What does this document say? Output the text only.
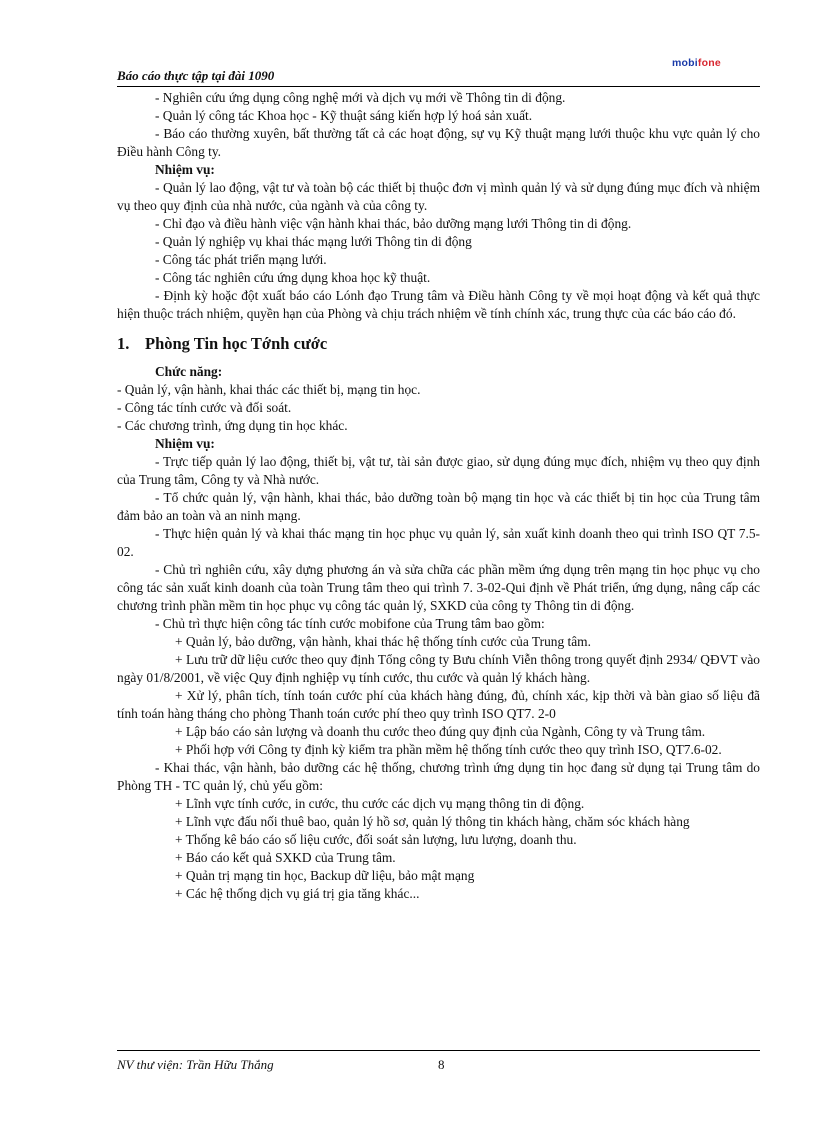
Báo cáo thực tập tại đài 1090
mobifone

- Nghiên cứu ứng dụng công nghệ mới và dịch vụ mới về Thông tin di động.

- Quản lý công tác Khoa học - Kỹ thuật sáng kiến hợp lý hoá sản xuất.

- Báo cáo thường xuyên, bất thường tất cả các hoạt động, sự vụ Kỹ thuật mạng lưới thuộc khu vực quản lý cho Điều hành Công ty.

Nhiệm vụ:

- Quản lý lao động, vật tư và toàn bộ các thiết bị thuộc đơn vị mình quản lý và sử dụng đúng mục đích và nhiệm vụ theo quy định của nhà nước, của ngành và của công ty.

- Chỉ đạo và điều hành việc vận hành khai thác, bảo dưỡng mạng lưới Thông tin di động.

- Quản lý nghiệp vụ khai thác mạng lưới Thông tin di động

- Công tác phát triển mạng lưới.

- Công tác nghiên cứu ứng dụng khoa học kỹ thuật.

- Định kỳ hoặc đột xuất báo cáo Lónh đạo Trung tâm và Điều hành Công ty về mọi hoạt động và kết quả thực hiện thuộc trách nhiệm, quyền hạn của Phòng và chịu trách nhiệm về tính chính xác, trung thực của các báo cáo đó.

1. Phòng Tin học Tớnh cước

Chức năng:

- Quản lý, vận hành, khai thác các thiết bị, mạng tin học.

- Công tác tính cước và đối soát.

- Các chương trình, ứng dụng tin học khác.

Nhiệm vụ:

- Trực tiếp quản lý lao động, thiết bị, vật tư, tài sản được giao, sử dụng đúng mục đích, nhiệm vụ theo quy định của Trung tâm, Công ty và Nhà nước.

- Tổ chức quản lý, vận hành, khai thác, bảo dưỡng toàn bộ mạng tin học và các thiết bị tin học của Trung tâm đảm bảo an toàn và an ninh mạng.

- Thực hiện quản lý và khai thác mạng tin học phục vụ quản lý, sản xuất kinh doanh theo qui trình ISO QT 7.5-02.

- Chủ trì nghiên cứu, xây dựng phương án và sửa chữa các phần mềm ứng dụng trên mạng tin học phục vụ cho công tác sản xuất kinh doanh của toàn Trung tâm theo qui trình 7. 3-02-Qui định về Phát triển, ứng dụng, nâng cấp các chương trình phần mềm tin học phục vụ công tác quản lý, SXKD của công ty Thông tin di động.

- Chủ trì thực hiện công tác tính cước mobifone của Trung tâm bao gồm:

+ Quản lý, bảo dưỡng, vận hành, khai thác hệ thống tính cước của Trung tâm.

+ Lưu trữ dữ liệu cước theo quy định Tổng công ty Bưu chính Viễn thông trong quyết định 2934/ QĐVT vào ngày 01/8/2001, về việc Quy định nghiệp vụ tính cước, thu cước và quản lý khách hàng.

+ Xử lý, phân tích, tính toán cước phí của khách hàng đúng, đủ, chính xác, kịp thời và bàn giao số liệu đã tính toán hàng tháng cho phòng Thanh toán cước phí theo quy trình ISO QT7. 2-0

+ Lập báo cáo sản lượng và doanh thu cước theo đúng quy định của Ngành, Công ty và Trung tâm.

+ Phối hợp với Công ty định kỳ kiểm tra phần mềm hệ thống tính cước theo quy trình ISO, QT7.6-02.

- Khai thác, vận hành, bảo dưỡng các hệ thống, chương trình ứng dụng tin học đang sử dụng tại Trung tâm do Phòng TH - TC quản lý, chủ yếu gồm:

+ Lĩnh vực tính cước, in cước, thu cước các dịch vụ mạng thông tin di động.

+ Lĩnh vực đấu nối thuê bao, quản lý hồ sơ, quản lý thông tin khách hàng, chăm sóc khách hàng

+ Thống kê báo cáo số liệu cước, đối soát sản lượng, lưu lượng, doanh thu.

+ Báo cáo kết quả SXKD của Trung tâm.

+ Quản trị mạng tin học, Backup dữ liệu, bảo mật mạng

+ Các hệ thống dịch vụ giá trị gia tăng khác...

NV thư viện: Trần Hữu Thắng	8
